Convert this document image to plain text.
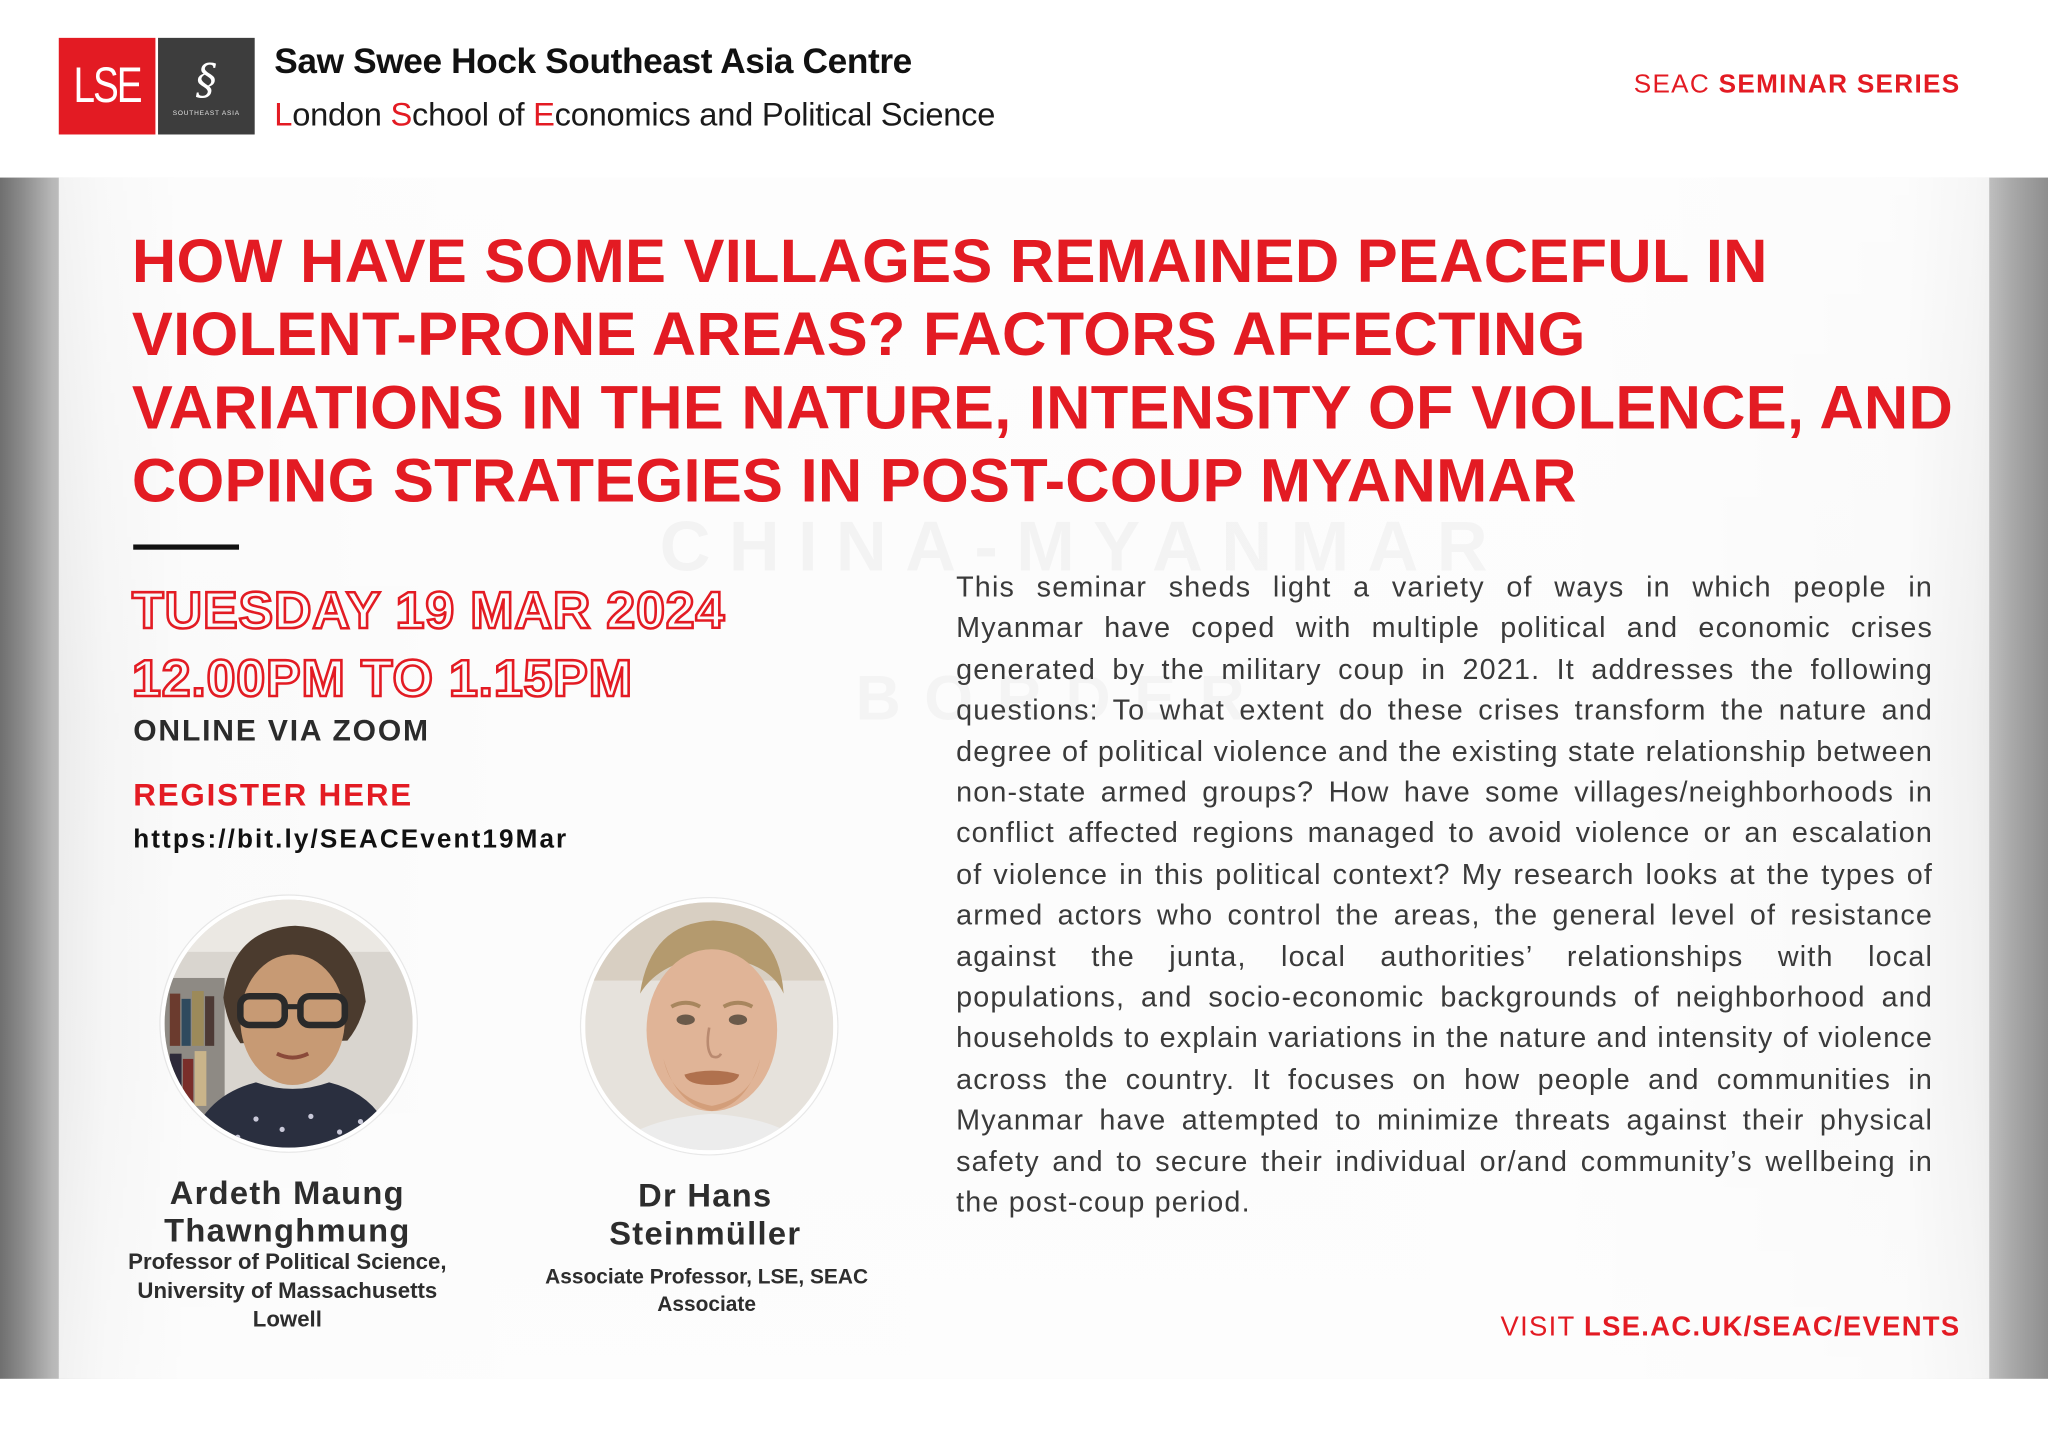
LSE	§
SOUTHEAST ASIA
Saw Swee Hock Southeast Asia Centre
London School of Economics and Political Science
SEAC SEMINAR SERIES
HOW HAVE SOME VILLAGES REMAINED PEACEFUL IN VIOLENT-PRONE AREAS? FACTORS AFFECTING VARIATIONS IN THE NATURE, INTENSITY OF VIOLENCE, AND COPING STRATEGIES IN POST-COUP MYANMAR
TUESDAY 19 MAR 2024
12.00PM TO 1.15PM
ONLINE VIA ZOOM
REGISTER HERE
https://bit.ly/SEACEvent19Mar
Ardeth Maung Thawnghmung
Professor of Political Science, University of Massachusetts Lowell
Dr Hans Steinmüller
Associate Professor, LSE, SEAC Associate

This seminar sheds light a variety of ways in which people in Myanmar have coped with multiple political and economic crises generated by the military coup in 2021. It addresses the following questions: To what extent do these crises transform the nature and degree of political violence and the existing state relationship between non-state armed groups? How have some villages/neighborhoods in conflict affected regions managed to avoid violence or an escalation of violence in this political context? My research looks at the types of armed actors who control the areas, the general level of resistance against the junta, local authorities’ relationships with local populations, and socio-economic backgrounds of neighborhood and households to explain variations in the nature and intensity of violence across the country. It focuses on how people and communities in Myanmar have attempted to minimize threats against their physical safety and to secure their individual or/and community’s wellbeing in the post-coup period.

VISIT LSE.AC.UK/SEAC/EVENTS
